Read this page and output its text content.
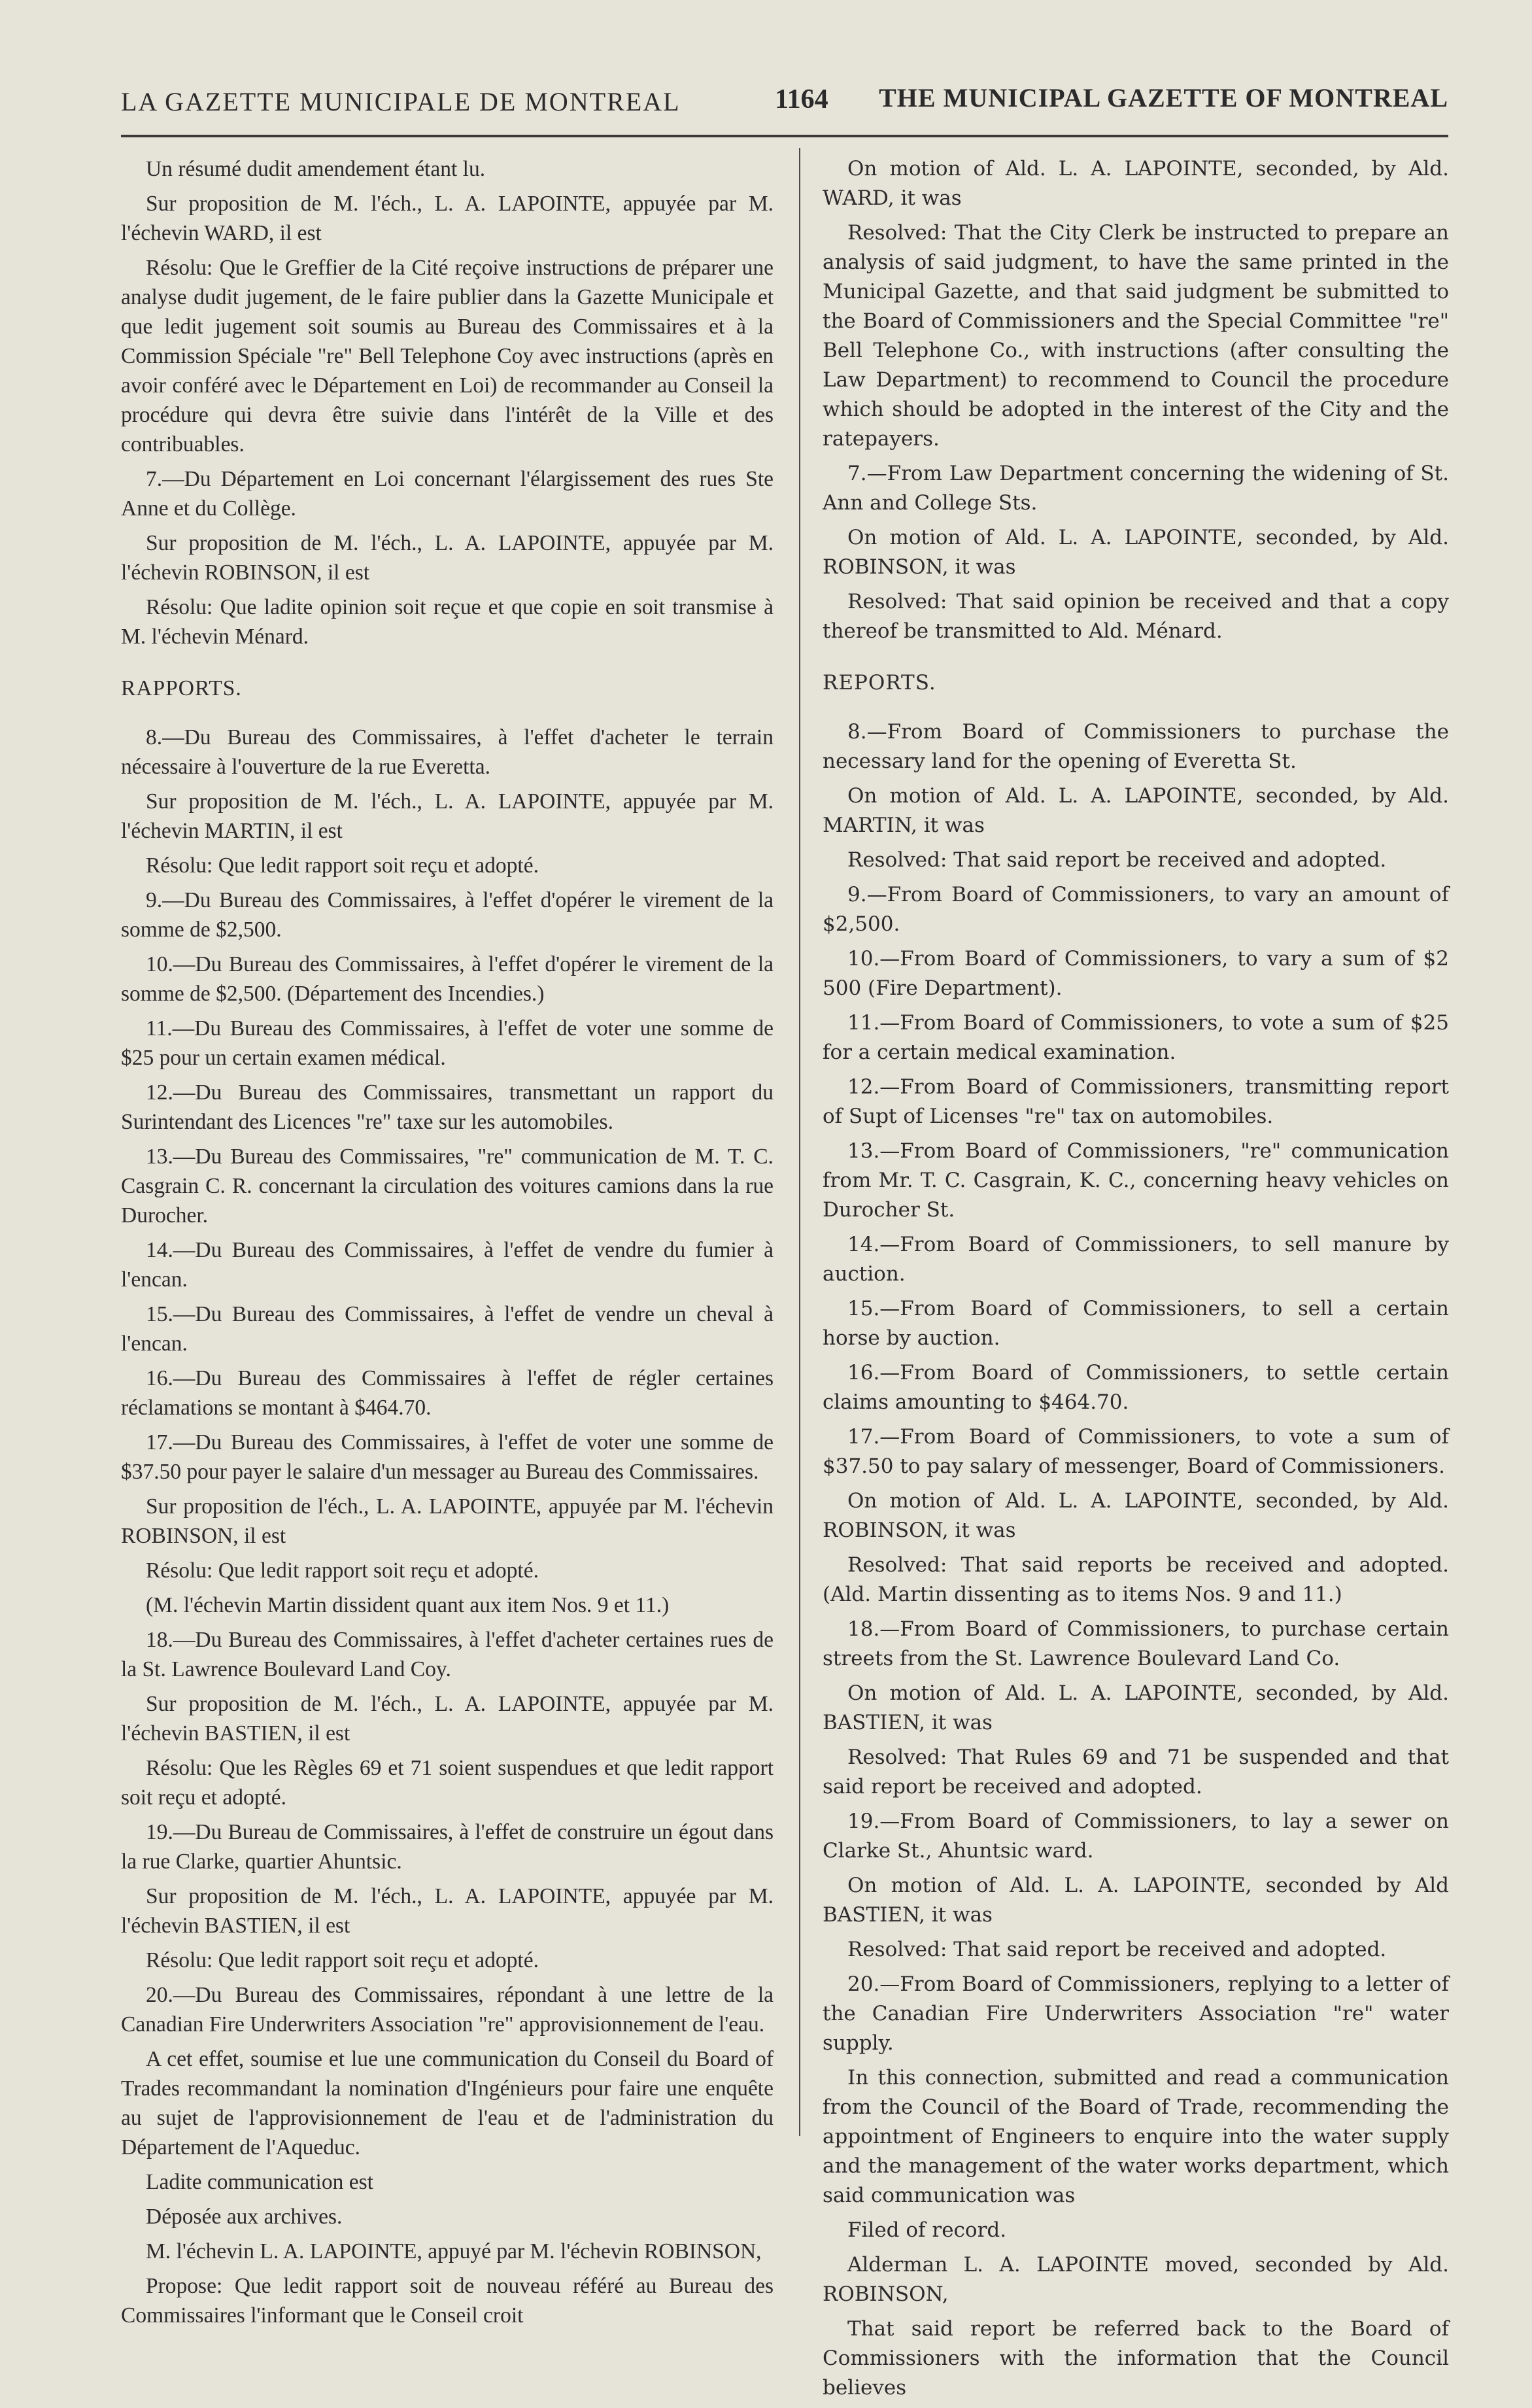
LA GAZETTE MUNICIPALE DE MONTREAL	1164 THE MUNICIPAL GAZETTE OF MONTREAL

Un résumé dudit amendement étant lu.

Sur proposition de M. l'éch., L. A. LAPOINTE, appuyée par M. l'échevin WARD, il est

Résolu: Que le Greffier de la Cité reçoive instructions de préparer une analyse dudit jugement, de le faire publier dans la Gazette Municipale et que ledit jugement soit soumis au Bureau des Commissaires et à la Commission Spéciale "re" Bell Telephone Coy avec instructions (après en avoir conféré avec le Département en Loi) de recommander au Conseil la procédure qui devra être suivie dans l'intérêt de la Ville et des contribuables.

7.—Du Département en Loi concernant l'élargissement des rues Ste Anne et du Collège.

Sur proposition de M. l'éch., L. A. LAPOINTE, appuyée par M. l'échevin ROBINSON, il est

Résolu: Que ladite opinion soit reçue et que copie en soit transmise à M. l'échevin Ménard.

RAPPORTS.

8.—Du Bureau des Commissaires, à l'effet d'acheter le terrain nécessaire à l'ouverture de la rue Everetta.

Sur proposition de M. l'éch., L. A. LAPOINTE, appuyée par M. l'échevin MARTIN, il est

Résolu: Que ledit rapport soit reçu et adopté.

9.—Du Bureau des Commissaires, à l'effet d'opérer le virement de la somme de $2,500.

10.—Du Bureau des Commissaires, à l'effet d'opérer le virement de la somme de $2,500. (Département des Incendies.)

11.—Du Bureau des Commissaires, à l'effet de voter une somme de $25 pour un certain examen médical.

12.—Du Bureau des Commissaires, transmettant un rapport du Surintendant des Licences "re" taxe sur les automobiles.

13.—Du Bureau des Commissaires, "re" communication de M. T. C. Casgrain C. R. concernant la circulation des voitures camions dans la rue Durocher.

14.—Du Bureau des Commissaires, à l'effet de vendre du fumier à l'encan.

15.—Du Bureau des Commissaires, à l'effet de vendre un cheval à l'encan.

16.—Du Bureau des Commissaires à l'effet de régler certaines réclamations se montant à $464.70.

17.—Du Bureau des Commissaires, à l'effet de voter une somme de $37.50 pour payer le salaire d'un messager au Bureau des Commissaires.

Sur proposition de l'éch., L. A. LAPOINTE, appuyée par M. l'échevin ROBINSON, il est

Résolu: Que ledit rapport soit reçu et adopté.

(M. l'échevin Martin dissident quant aux item Nos. 9 et 11.)

18.—Du Bureau des Commissaires, à l'effet d'acheter certaines rues de la St. Lawrence Boulevard Land Coy.

Sur proposition de M. l'éch., L. A. LAPOINTE, appuyée par M. l'échevin BASTIEN, il est

Résolu: Que les Règles 69 et 71 soient suspendues et que ledit rapport soit reçu et adopté.

19.—Du Bureau de Commissaires, à l'effet de construire un égout dans la rue Clarke, quartier Ahuntsic.

Sur proposition de M. l'éch., L. A. LAPOINTE, appuyée par M. l'échevin BASTIEN, il est

Résolu: Que ledit rapport soit reçu et adopté.

20.—Du Bureau des Commissaires, répondant à une lettre de la Canadian Fire Underwriters Association "re" approvisionnement de l'eau.

A cet effet, soumise et lue une communication du Conseil du Board of Trades recommandant la nomination d'Ingénieurs pour faire une enquête au sujet de l'approvisionnement de l'eau et de l'administration du Département de l'Aqueduc.

Ladite communication est

Déposée aux archives.

M. l'échevin L. A. LAPOINTE, appuyé par M. l'échevin ROBINSON,

Propose: Que ledit rapport soit de nouveau référé au Bureau des Commissaires l'informant que le Conseil croit

On motion of Ald. L. A. LAPOINTE, seconded, by Ald. WARD, it was

Resolved: That the City Clerk be instructed to prepare an analysis of said judgment, to have the same printed in the Municipal Gazette, and that said judgment be submitted to the Board of Commissioners and the Special Committee "re" Bell Telephone Co., with instructions (after consulting the Law Department) to recommend to Council the procedure which should be adopted in the interest of the City and the ratepayers.

7.—From Law Department concerning the widening of St. Ann and College Sts.

On motion of Ald. L. A. LAPOINTE, seconded, by Ald. ROBINSON, it was

Resolved: That said opinion be received and that a copy thereof be transmitted to Ald. Ménard.

REPORTS.

8.—From Board of Commissioners to purchase the necessary land for the opening of Everetta St.

On motion of Ald. L. A. LAPOINTE, seconded, by Ald. MARTIN, it was

Resolved: That said report be received and adopted.

9.—From Board of Commissioners, to vary an amount of $2,500.

10.—From Board of Commissioners, to vary a sum of $2 500 (Fire Department).

11.—From Board of Commissioners, to vote a sum of $25 for a certain medical examination.

12.—From Board of Commissioners, transmitting report of Supt of Licenses "re" tax on automobiles.

13.—From Board of Commissioners, "re" communication from Mr. T. C. Casgrain, K. C., concerning heavy vehicles on Durocher St.

14.—From Board of Commissioners, to sell manure by auction.

15.—From Board of Commissioners, to sell a certain horse by auction.

16.—From Board of Commissioners, to settle certain claims amounting to $464.70.

17.—From Board of Commissioners, to vote a sum of $37.50 to pay salary of messenger, Board of Commissioners.

On motion of Ald. L. A. LAPOINTE, seconded, by Ald. ROBINSON, it was

Resolved: That said reports be received and adopted. (Ald. Martin dissenting as to items Nos. 9 and 11.)

18.—From Board of Commissioners, to purchase certain streets from the St. Lawrence Boulevard Land Co.

On motion of Ald. L. A. LAPOINTE, seconded, by Ald. BASTIEN, it was

Resolved: That Rules 69 and 71 be suspended and that said report be received and adopted.

19.—From Board of Commissioners, to lay a sewer on Clarke St., Ahuntsic ward.

On motion of Ald. L. A. LAPOINTE, seconded by Ald BASTIEN, it was

Resolved: That said report be received and adopted.

20.—From Board of Commissioners, replying to a letter of the Canadian Fire Underwriters Association "re" water supply.

In this connection, submitted and read a communication from the Council of the Board of Trade, recommending the appointment of Engineers to enquire into the water supply and the management of the water works department, which said communication was

Filed of record.

Alderman L. A. LAPOINTE moved, seconded by Ald. ROBINSON,

That said report be referred back to the Board of Commissioners with the information that the Council believes
